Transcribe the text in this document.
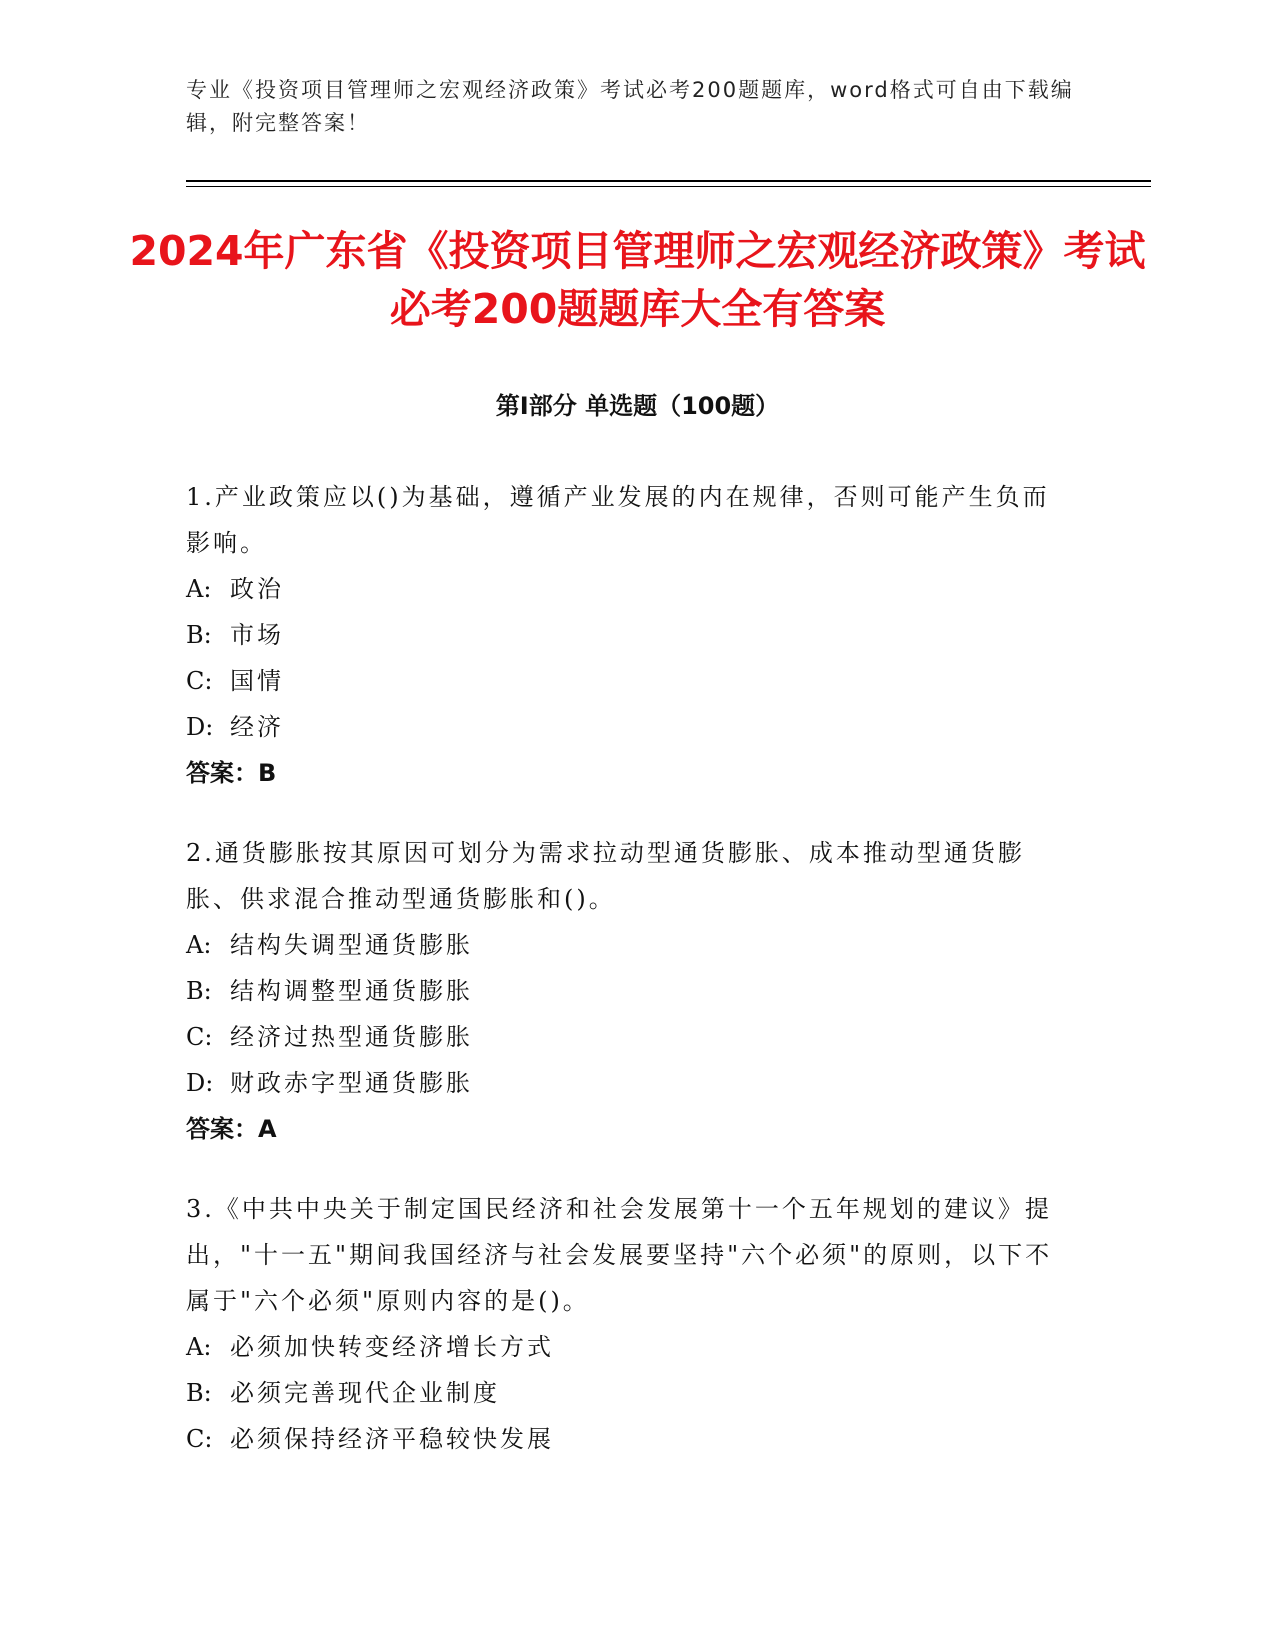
专业《投资项目管理师之宏观经济政策》考试必考200题题库，word格式可自由下载编辑，附完整答案！
2024年广东省《投资项目管理师之宏观经济政策》考试必考200题题库大全有答案
第I部分 单选题（100题）

1.产业政策应以()为基础，遵循产业发展的内在规律，否则可能产生负而影响。

A: 政治
B: 市场
C: 国情
D: 经济
答案：B

2.通货膨胀按其原因可划分为需求拉动型通货膨胀、成本推动型通货膨胀、供求混合推动型通货膨胀和()。

A: 结构失调型通货膨胀
B: 结构调整型通货膨胀
C: 经济过热型通货膨胀
D: 财政赤字型通货膨胀
答案：A

3.《中共中央关于制定国民经济和社会发展第十一个五年规划的建议》提出，"十一五"期间我国经济与社会发展要坚持"六个必须"的原则，以下不属于"六个必须"原则内容的是()。

A: 必须加快转变经济增长方式
B: 必须完善现代企业制度
C: 必须保持经济平稳较快发展
